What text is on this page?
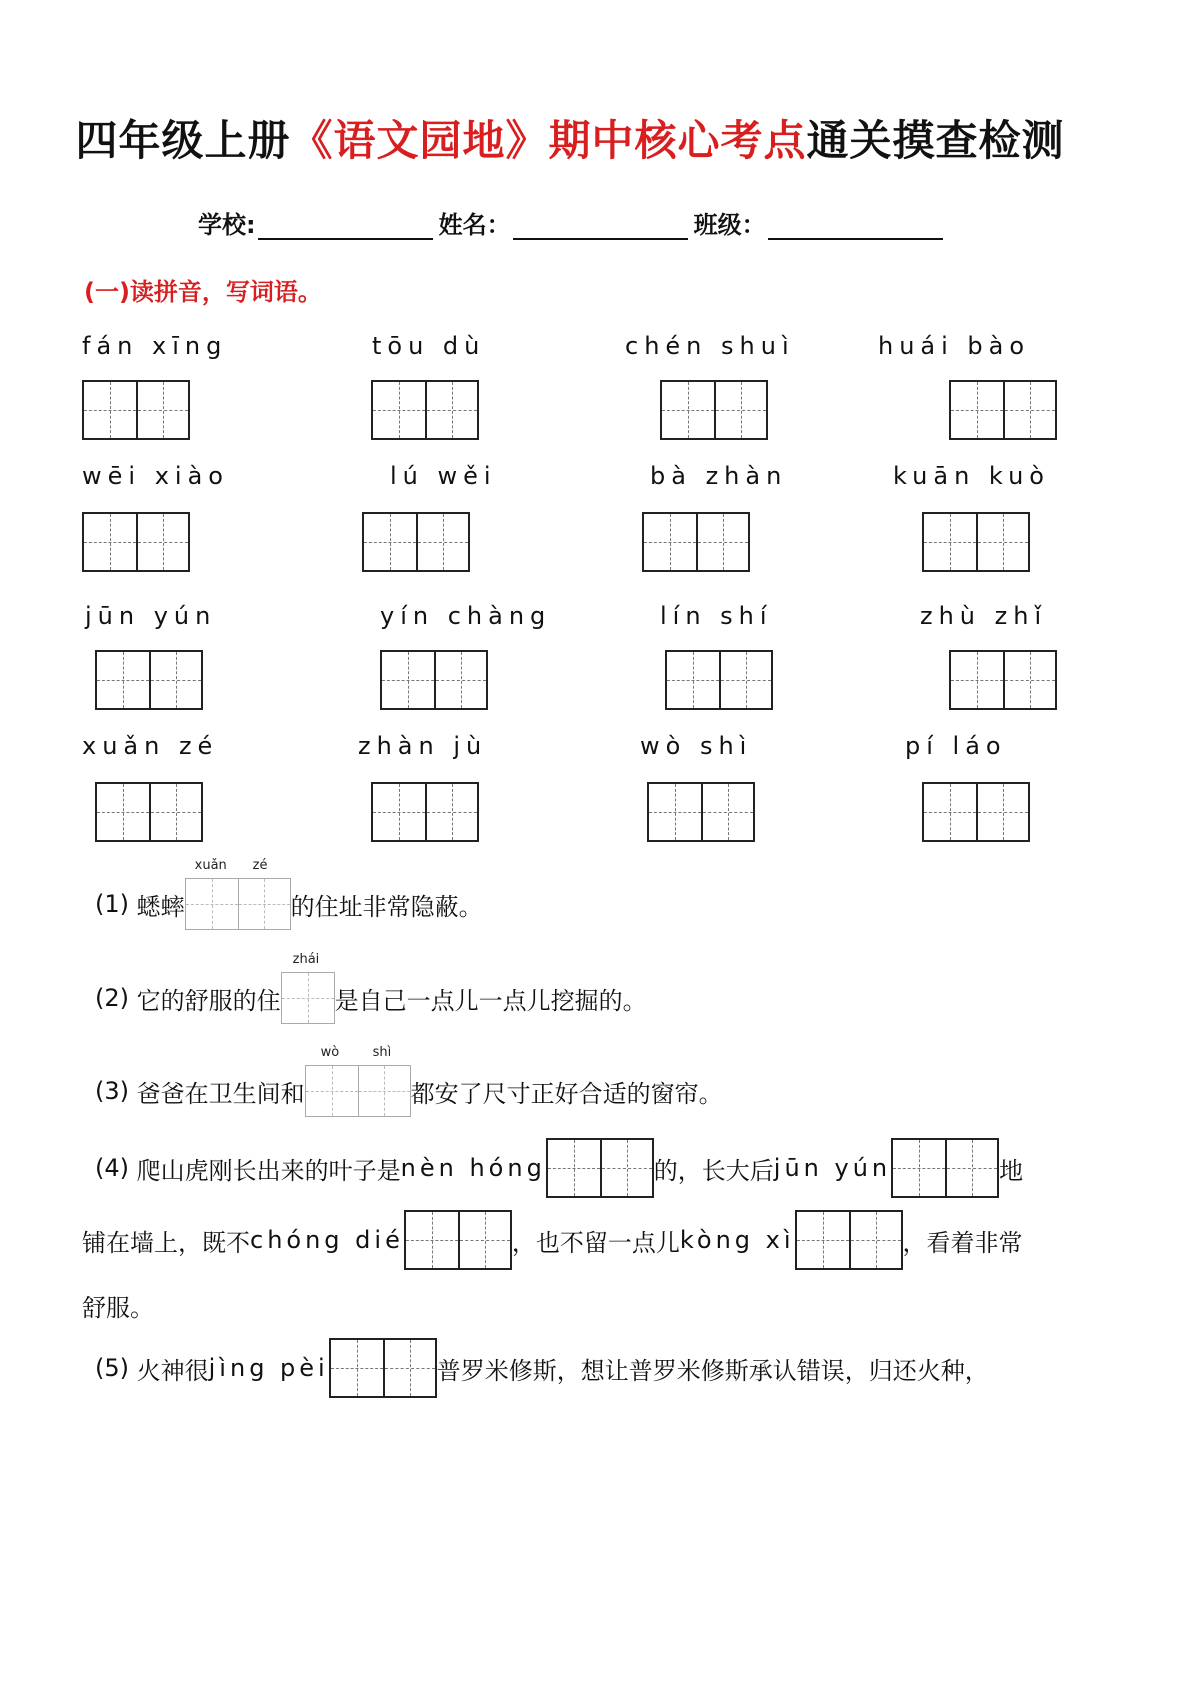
四年级上册《语文园地》期中核心考点通关摸查检测
学校:	姓名：	班级：
(一)读拼音，写词语。
fán xīng	tōu dù	chén shuì	huái bào
wēi xiào	lú wěi	bà zhàn	kuān kuò
jūn yún	yín chàng	lín shí	zhù zhǐ
xuǎn zé	zhàn jù	wò shì	pí láo
(1)
蟋蟀
xuǎn zé
的住址非常隐蔽。
(2)
它的舒服的住
zhái
是自己一点儿一点儿挖掘的。
(3)
爸爸在卫生间和
wò	shì
都安了尺寸正好合适的窗帘。
(4)
爬山虎刚长出来的叶子是 nèn hóng	的，长大后 jūn yún	地
铺在墙上，既不 chóng dié	，也不留一点儿 kòng xì	，看着非常
舒服。
(5)
火神很 jìng pèi	普罗米修斯，想让普罗米修斯承认错误，归还火种，
